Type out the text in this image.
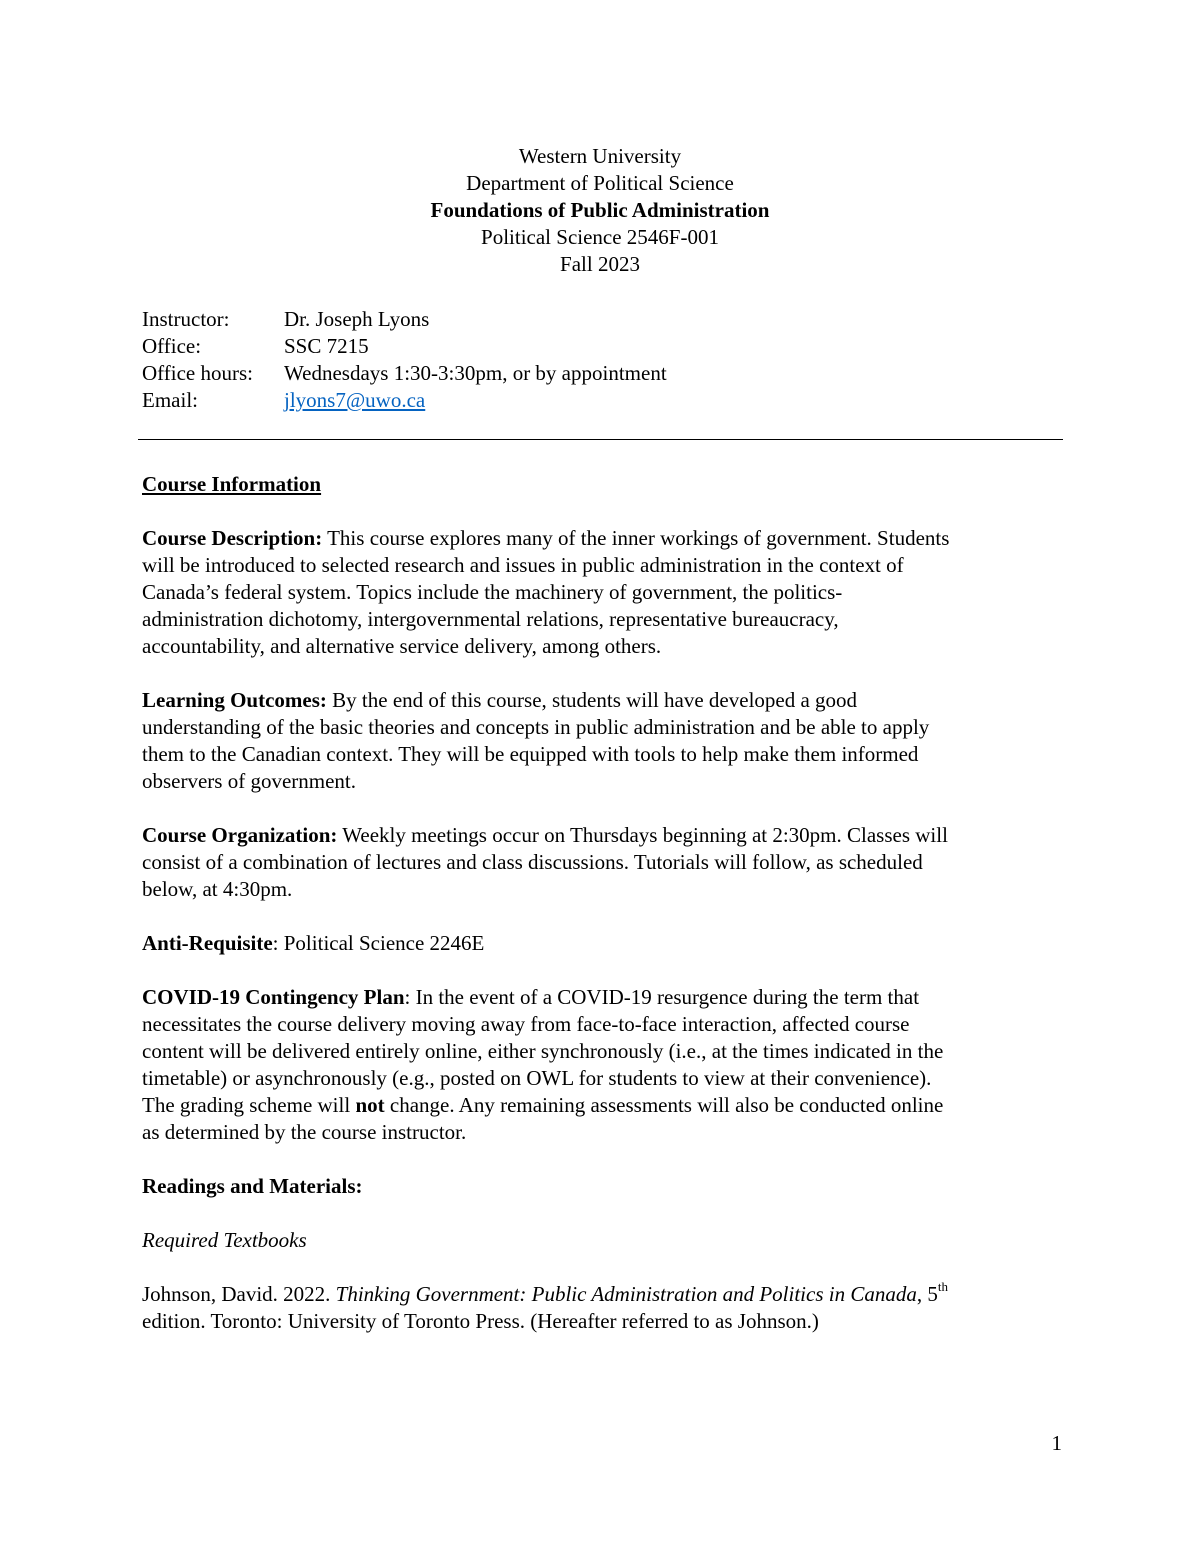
Western University
Department of Political Science
Foundations of Public Administration
Political Science 2546F-001
Fall 2023
Instructor:	Dr. Joseph Lyons
Office:	SSC 7215
Office hours: Wednesdays 1:30-3:30pm, or by appointment
Email:	jlyons7@uwo.ca
Course Information
Course Description: This course explores many of the inner workings of government. Students
will be introduced to selected research and issues in public administration in the context of
Canada’s federal system. Topics include the machinery of government, the politics-
administration dichotomy, intergovernmental relations, representative bureaucracy,
accountability, and alternative service delivery, among others.
Learning Outcomes: By the end of this course, students will have developed a good
understanding of the basic theories and concepts in public administration and be able to apply
them to the Canadian context. They will be equipped with tools to help make them informed
observers of government.
Course Organization: Weekly meetings occur on Thursdays beginning at 2:30pm. Classes will
consist of a combination of lectures and class discussions. Tutorials will follow, as scheduled
below, at 4:30pm.
Anti-Requisite: Political Science 2246E
COVID-19 Contingency Plan: In the event of a COVID-19 resurgence during the term that
necessitates the course delivery moving away from face-to-face interaction, affected course
content will be delivered entirely online, either synchronously (i.e., at the times indicated in the
timetable) or asynchronously (e.g., posted on OWL for students to view at their convenience).
The grading scheme will not change. Any remaining assessments will also be conducted online
as determined by the course instructor.
Readings and Materials:
Required Textbooks
Johnson, David. 2022. Thinking Government: Public Administration and Politics in Canada, 5th
edition. Toronto: University of Toronto Press. (Hereafter referred to as Johnson.)
1
